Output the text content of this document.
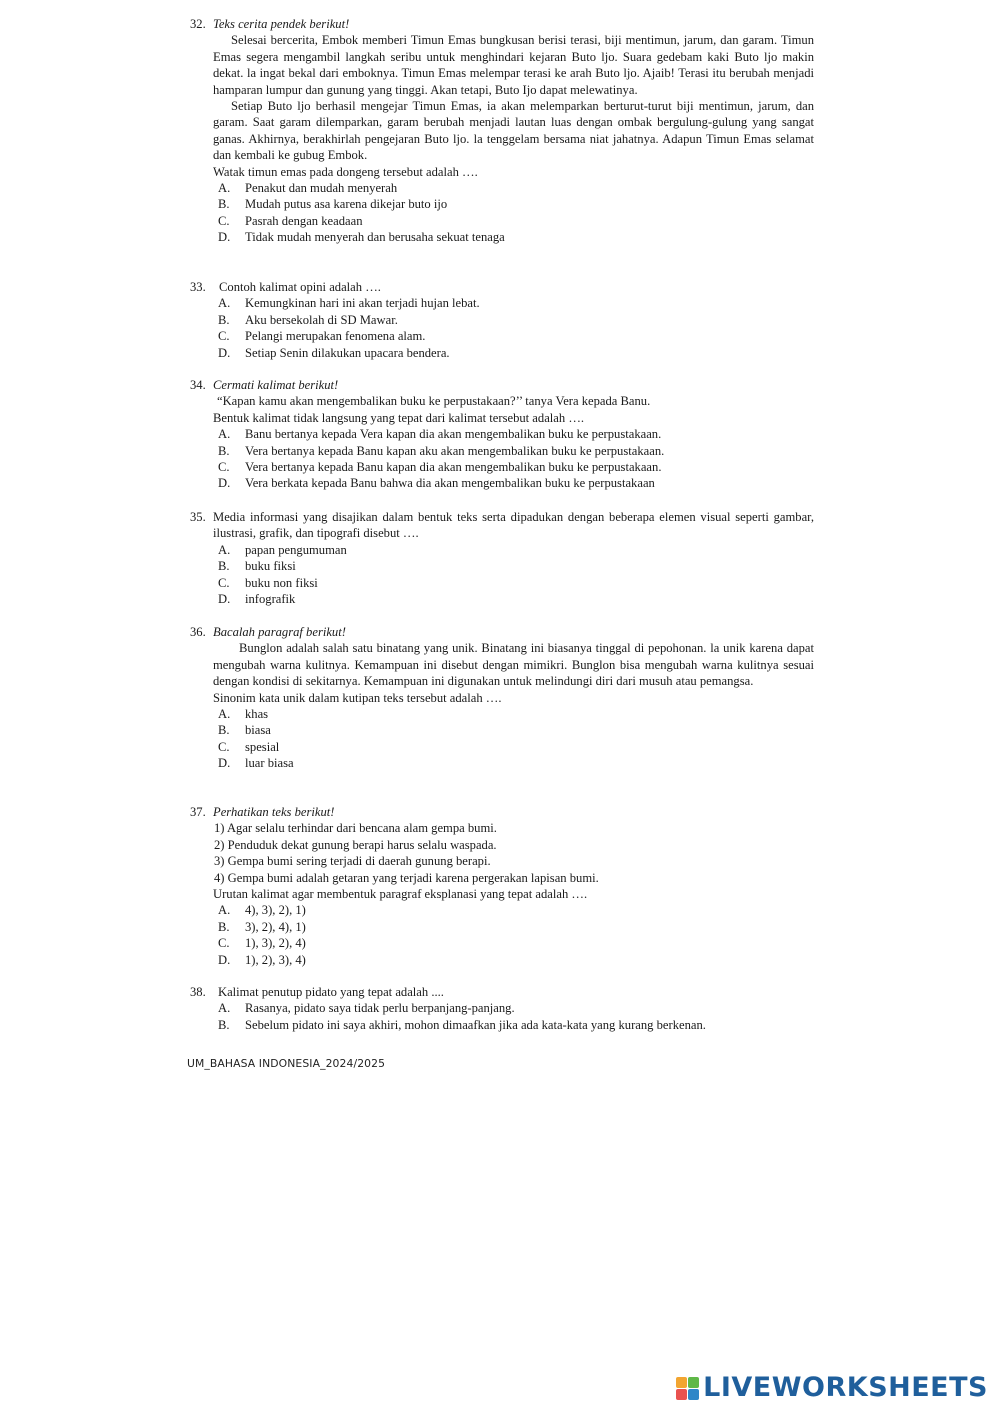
32. Teks cerita pendek berikut!
Selesai bercerita, Embok memberi Timun Emas bungkusan berisi terasi, biji mentimun, jarum, dan garam. Timun Emas segera mengambil langkah seribu untuk menghindari kejaran Buto ljo. Suara gedebam kaki Buto ljo makin dekat. la ingat bekal dari emboknya. Timun Emas melempar terasi ke arah Buto ljo. Ajaib! Terasi itu berubah menjadi hamparan lumpur dan gunung yang tinggi. Akan tetapi, Buto Ijo dapat melewatinya.
Setiap Buto ljo berhasil mengejar Timun Emas, ia akan melemparkan berturut-turut biji mentimun, jarum, dan garam. Saat garam dilemparkan, garam berubah menjadi lautan luas dengan ombak bergulung-gulung yang sangat ganas. Akhirnya, berakhirlah pengejaran Buto ljo. la tenggelam bersama niat jahatnya. Adapun Timun Emas selamat dan kembali ke gubug Embok.
Watak timun emas pada dongeng tersebut adalah ….
A. Penakut dan mudah menyerah
B. Mudah putus asa karena dikejar buto ijo
C. Pasrah dengan keadaan
D. Tidak mudah menyerah dan berusaha sekuat tenaga
33. Contoh kalimat opini adalah ….
A. Kemungkinan hari ini akan terjadi hujan lebat.
B. Aku bersekolah di SD Mawar.
C. Pelangi merupakan fenomena alam.
D. Setiap Senin dilakukan upacara bendera.
34. Cermati kalimat berikut!
“Kapan kamu akan mengembalikan buku ke perpustakaan?’’ tanya Vera kepada Banu.
Bentuk kalimat tidak langsung yang tepat dari kalimat tersebut adalah ….
A. Banu bertanya kepada Vera kapan dia akan mengembalikan buku ke perpustakaan.
B. Vera bertanya kepada Banu kapan aku akan mengembalikan buku ke perpustakaan.
C. Vera bertanya kepada Banu kapan dia akan mengembalikan buku ke perpustakaan.
D. Vera berkata kepada Banu bahwa dia akan mengembalikan buku ke perpustakaan
35. Media informasi yang disajikan dalam bentuk teks serta dipadukan dengan beberapa elemen visual seperti gambar, ilustrasi, grafik, dan tipografi disebut ….
A. papan pengumuman
B. buku fiksi
C. buku non fiksi
D. infografik
36. Bacalah paragraf berikut!
Bunglon adalah salah satu binatang yang unik. Binatang ini biasanya tinggal di pepohonan. la unik karena dapat mengubah warna kulitnya. Kemampuan ini disebut dengan mimikri. Bunglon bisa mengubah warna kulitnya sesuai dengan kondisi di sekitarnya. Kemampuan ini digunakan untuk melindungi diri dari musuh atau pemangsa.
Sinonim kata unik dalam kutipan teks tersebut adalah ….
A. khas
B. biasa
C. spesial
D. luar biasa
37. Perhatikan teks berikut!
1) Agar selalu terhindar dari bencana alam gempa bumi.
2) Penduduk dekat gunung berapi harus selalu waspada.
3) Gempa bumi sering terjadi di daerah gunung berapi.
4) Gempa bumi adalah getaran yang terjadi karena pergerakan lapisan bumi.
Urutan kalimat agar membentuk paragraf eksplanasi yang tepat adalah ….
A. 4), 3), 2), 1)
B. 3), 2), 4), 1)
C. 1), 3), 2), 4)
D. 1), 2), 3), 4)
38. Kalimat penutup pidato yang tepat adalah ....
A. Rasanya, pidato saya tidak perlu berpanjang-panjang.
B. Sebelum pidato ini saya akhiri, mohon dimaafkan jika ada kata-kata yang kurang berkenan.
UM_BAHASA INDONESIA_2024/2025
LIVEWORKSHEETS
